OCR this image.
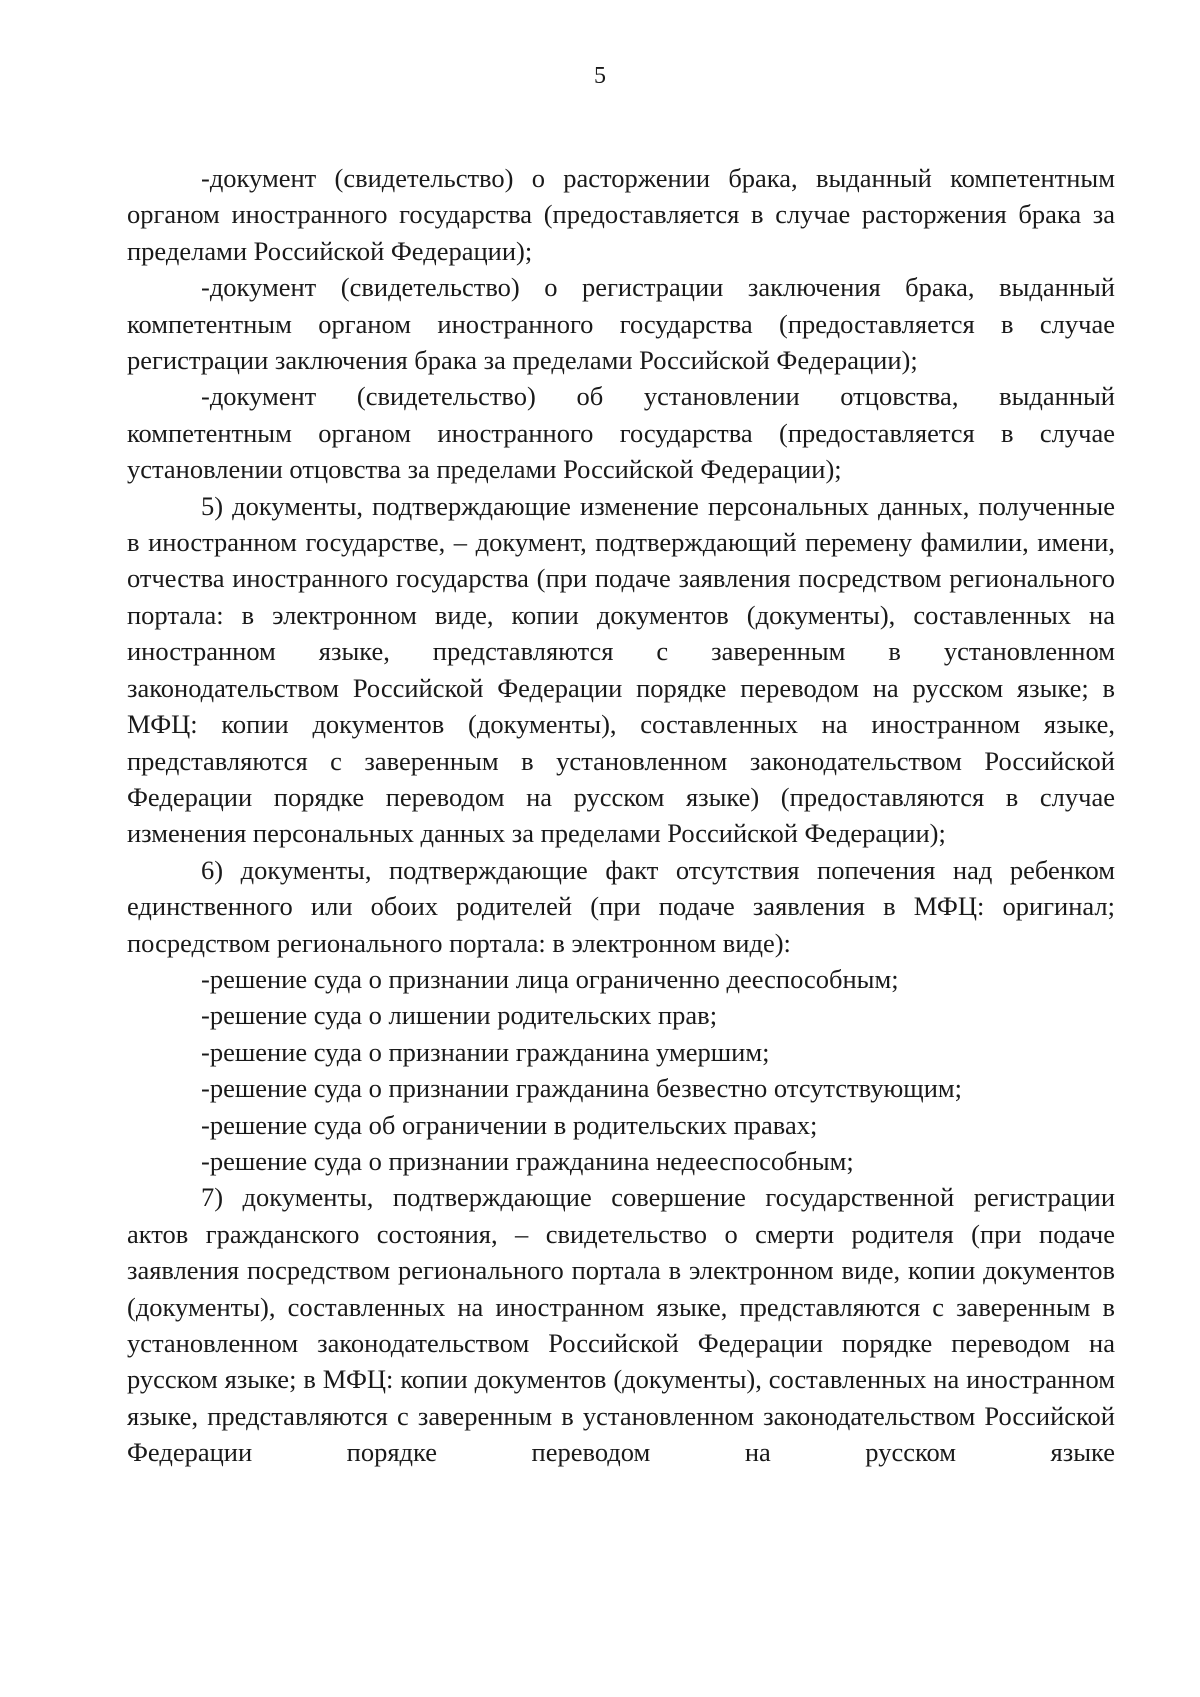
5

-документ (свидетельство) о расторжении брака, выданный компетентным органом иностранного государства (предоставляется в случае расторжения брака за пределами Российской Федерации);

-документ (свидетельство) о регистрации заключения брака, выданный компетентным органом иностранного государства (предоставляется в случае регистрации заключения брака за пределами Российской Федерации);

-документ (свидетельство) об установлении отцовства, выданный компетентным органом иностранного государства (предоставляется в случае установлении отцовства за пределами Российской Федерации);

5) документы, подтверждающие изменение персональных данных, полученные в иностранном государстве, – документ, подтверждающий перемену фамилии, имени, отчества иностранного государства (при подаче заявления посредством регионального портала: в электронном виде, копии документов (документы), составленных на иностранном языке, представляются с заверенным в установленном законодательством Российской Федерации порядке переводом на русском языке; в МФЦ: копии документов (документы), составленных на иностранном языке, представляются с заверенным в установленном законодательством Российской Федерации порядке переводом на русском языке) (предоставляются в случае изменения персональных данных за пределами Российской Федерации);

6) документы, подтверждающие факт отсутствия попечения над ребенком единственного или обоих родителей (при подаче заявления в МФЦ: оригинал; посредством регионального портала: в электронном виде):

-решение суда о признании лица ограниченно дееспособным;

-решение суда о лишении родительских прав;

-решение суда о признании гражданина умершим;

-решение суда о признании гражданина безвестно отсутствующим;

-решение суда об ограничении в родительских правах;

-решение суда о признании гражданина недееспособным;

7) документы, подтверждающие совершение государственной регистрации актов гражданского состояния, – свидетельство о смерти родителя (при подаче заявления посредством регионального портала в электронном виде, копии документов (документы), составленных на иностранном языке, представляются с заверенным в установленном законодательством Российской Федерации порядке переводом на русском языке; в МФЦ: копии документов (документы), составленных на иностранном языке, представляются с заверенным в установленном законодательством Российской Федерации порядке переводом на русском языке
